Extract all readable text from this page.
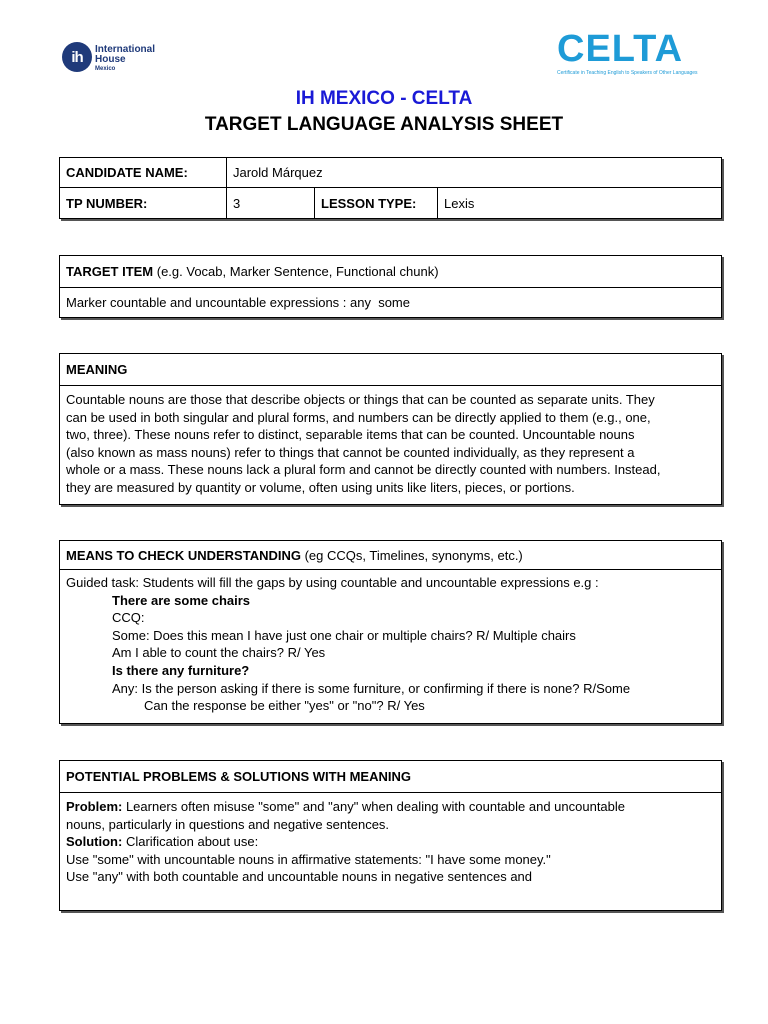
ih	International
House
Mexico	CELTA
Certificate in Teaching English to Speakers of Other Languages
IH MEXICO - CELTA
TARGET LANGUAGE ANALYSIS SHEET
CANDIDATE NAME:	Jarold Márquez		
TP NUMBER:	3	LESSON TYPE:	Lexis
TARGET ITEM (e.g. Vocab, Marker Sentence, Functional chunk)
Marker countable and uncountable expressions : any  some
MEANING
Countable nouns are those that describe objects or things that can be counted as separate units. They
can be used in both singular and plural forms, and numbers can be directly applied to them (e.g., one,
two, three). These nouns refer to distinct, separable items that can be counted. Uncountable nouns
(also known as mass nouns) refer to things that cannot be counted individually, as they represent a
whole or a mass. These nouns lack a plural form and cannot be directly counted with numbers. Instead,
they are measured by quantity or volume, often using units like liters, pieces, or portions.
MEANS TO CHECK UNDERSTANDING (eg CCQs, Timelines, synonyms, etc.)
Guided task: Students will fill the gaps by using countable and uncountable expressions e.g :
There are some chairs
CCQ:
Some: Does this mean I have just one chair or multiple chairs? R/ Multiple chairs
Am I able to count the chairs? R/ Yes
Is there any furniture?
Any: Is the person asking if there is some furniture, or confirming if there is none? R/Some
Can the response be either "yes" or "no"? R/ Yes
POTENTIAL PROBLEMS & SOLUTIONS WITH MEANING
Problem: Learners often misuse "some" and "any" when dealing with countable and uncountable
nouns, particularly in questions and negative sentences.
Solution: Clarification about use:
Use "some" with uncountable nouns in affirmative statements: "I have some money."
Use "any" with both countable and uncountable nouns in negative sentences and
